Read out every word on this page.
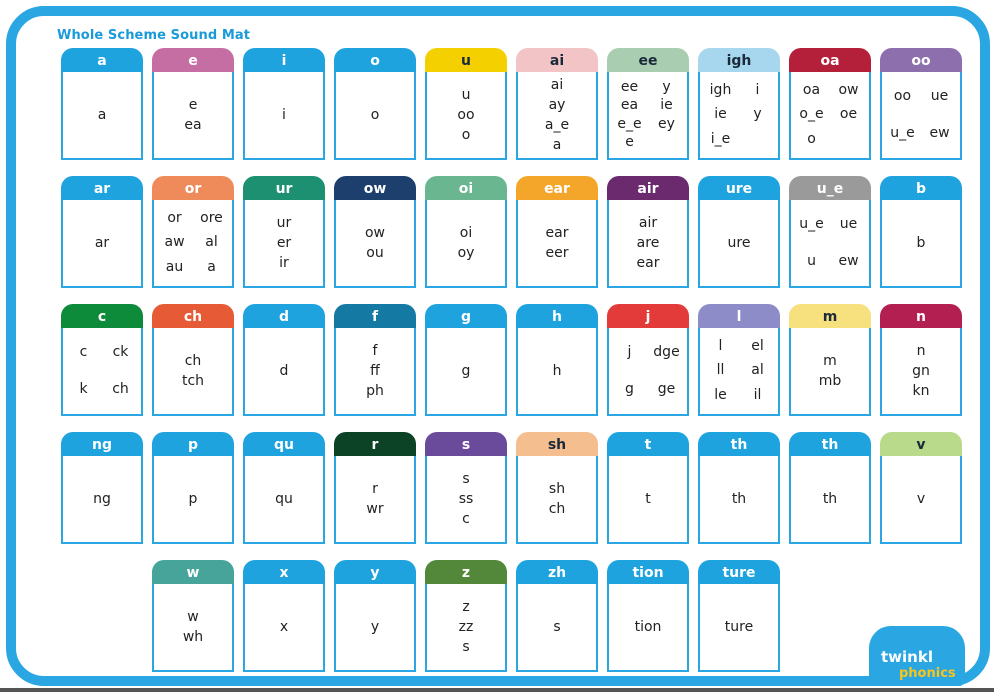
Whole Scheme Sound Mat
a
a
e
e
ea
i
i
o
o
u
u
oo
o
ai
ai
ay
a_e
a
ee
ee y
ea ie
e_e ey
e
igh
igh i
ie y
i_e
oa
oa ow
o_e oe
o
oo
oo ue
u_e ew
ar
ar
or
or ore
aw al
au a
ur
ur
er
ir
ow
ow
ou
oi
oi
oy
ear
ear
eer
air
air
are
ear
ure
ure
u_e
u_e ue
u ew
b
b
c
c ck
k ch
ch
ch
tch
d
d
f
f
ff
ph
g
g
h
h
j
j dge
g ge
l
l el
ll al
le il
m
m
mb
n
n
gn
kn
ng
ng
p
p
qu
qu
r
r
wr
s
s
ss
c
sh
sh
ch
t
t
th
th
th
th
v
v
w
w
wh
x
x
y
y
z
z
zz
s
zh
s
tion
tion
ture
ture
twinkl
phonics
